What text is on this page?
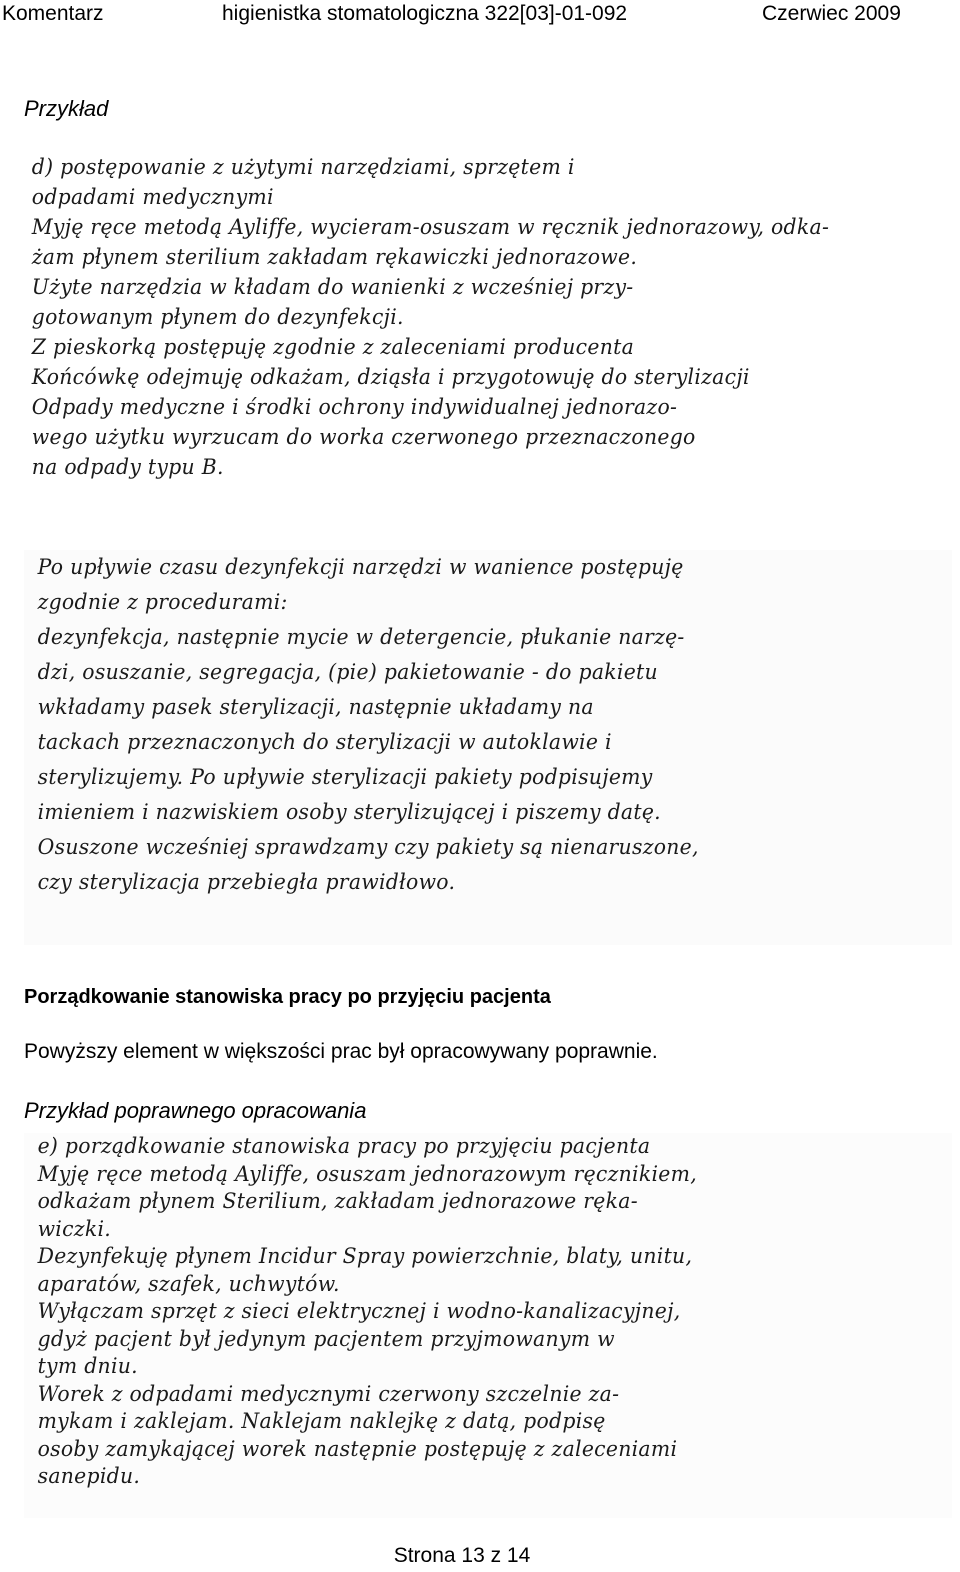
Komentarz	higienistka stomatologiczna 322[03]-01-092	Czerwiec 2009
Przykład
d) postępowanie z użytymi narzędziami, sprzętem i
odpadami medycznymi
Myję ręce metodą Ayliffe, wycieram-osuszam w ręcznik jednorazowy, odka-
żam płynem sterilium zakładam rękawiczki jednorazowe.
Użyte narzędzia w kładam do wanienki z wcześniej przy-
gotowanym płynem do dezynfekcji.
Z pieskorką postępuję zgodnie z zaleceniami producenta
Końcówkę odejmuję odkażam, dziąsła i przygotowuję do sterylizacji
Odpady medyczne i środki ochrony indywidualnej jednorazo-
wego użytku wyrzucam do worka czerwonego przeznaczonego
na odpady typu B.
Po upływie czasu dezynfekcji narzędzi w wanience postępuję
zgodnie z procedurami:
dezynfekcja, następnie mycie w detergencie, płukanie narzę-
dzi, osuszanie, segregacja, (pie) pakietowanie - do pakietu
wkładamy pasek sterylizacji, następnie układamy na
tackach przeznaczonych do sterylizacji w autoklawie i
sterylizujemy. Po upływie sterylizacji pakiety podpisujemy
imieniem i nazwiskiem osoby sterylizującej i piszemy datę.
Osuszone wcześniej sprawdzamy czy pakiety są nienaruszone,
czy sterylizacja przebiegła prawidłowo.
Porządkowanie stanowiska pracy po przyjęciu pacjenta
Powyższy element w większości prac był opracowywany poprawnie.
Przykład poprawnego opracowania
e) porządkowanie stanowiska pracy po przyjęciu pacjenta
Myję ręce metodą Ayliffe, osuszam jednorazowym ręcznikiem,
odkażam płynem Sterilium, zakładam jednorazowe ręka-
wiczki.
Dezynfekuję płynem Incidur Spray powierzchnie, blaty, unitu,
aparatów, szafek, uchwytów.
Wyłączam sprzęt z sieci elektrycznej i wodno-kanalizacyjnej,
gdyż pacjent był jedynym pacjentem przyjmowanym w
tym dniu.
Worek z odpadami medycznymi czerwony szczelnie za-
mykam i zaklejam. Naklejam naklejkę z datą, podpisę
osoby zamykającej worek następnie postępuję z zaleceniami
sanepidu.
Strona 13 z 14
